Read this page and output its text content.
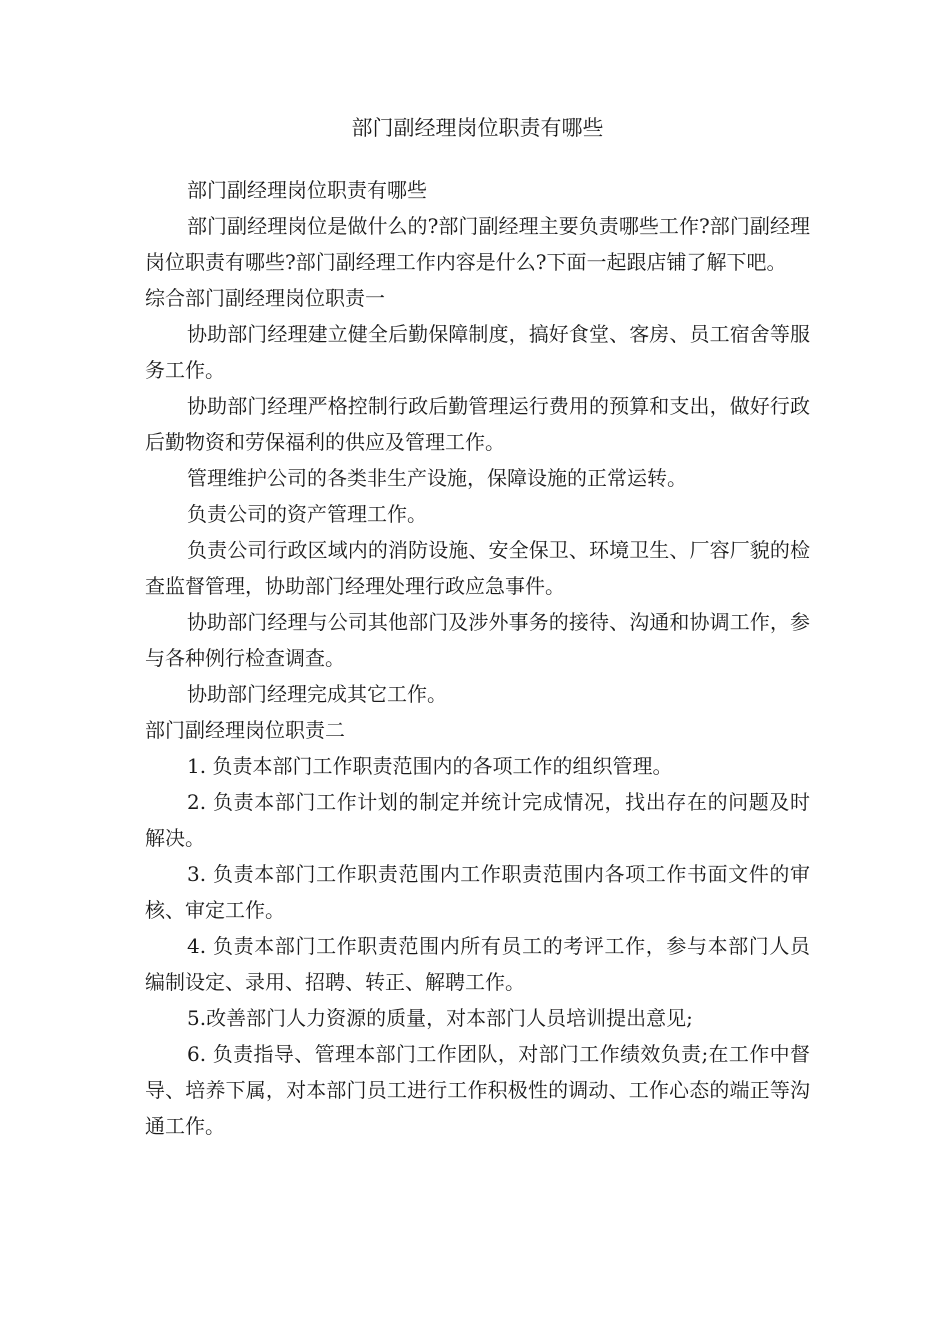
部门副经理岗位职责有哪些

部门副经理岗位职责有哪些

部门副经理岗位是做什么的?部门副经理主要负责哪些工作?部门副经理岗位职责有哪些?部门副经理工作内容是什么?下面一起跟店铺了解下吧。

综合部门副经理岗位职责一

协助部门经理建立健全后勤保障制度，搞好食堂、客房、员工宿舍等服务工作。

协助部门经理严格控制行政后勤管理运行费用的预算和支出，做好行政后勤物资和劳保福利的供应及管理工作。

管理维护公司的各类非生产设施，保障设施的正常运转。

负责公司的资产管理工作。

负责公司行政区域内的消防设施、安全保卫、环境卫生、厂容厂貌的检查监督管理，协助部门经理处理行政应急事件。

协助部门经理与公司其他部门及涉外事务的接待、沟通和协调工作，参与各种例行检查调查。

协助部门经理完成其它工作。

部门副经理岗位职责二

1. 负责本部门工作职责范围内的各项工作的组织管理。

2. 负责本部门工作计划的制定并统计完成情况，找出存在的问题及时解决。

3. 负责本部门工作职责范围内工作职责范围内各项工作书面文件的审核、审定工作。

4. 负责本部门工作职责范围内所有员工的考评工作，参与本部门人员编制设定、录用、招聘、转正、解聘工作。

5.改善部门人力资源的质量，对本部门人员培训提出意见;

6. 负责指导、管理本部门工作团队，对部门工作绩效负责;在工作中督导、培养下属，对本部门员工进行工作积极性的调动、工作心态的端正等沟通工作。
